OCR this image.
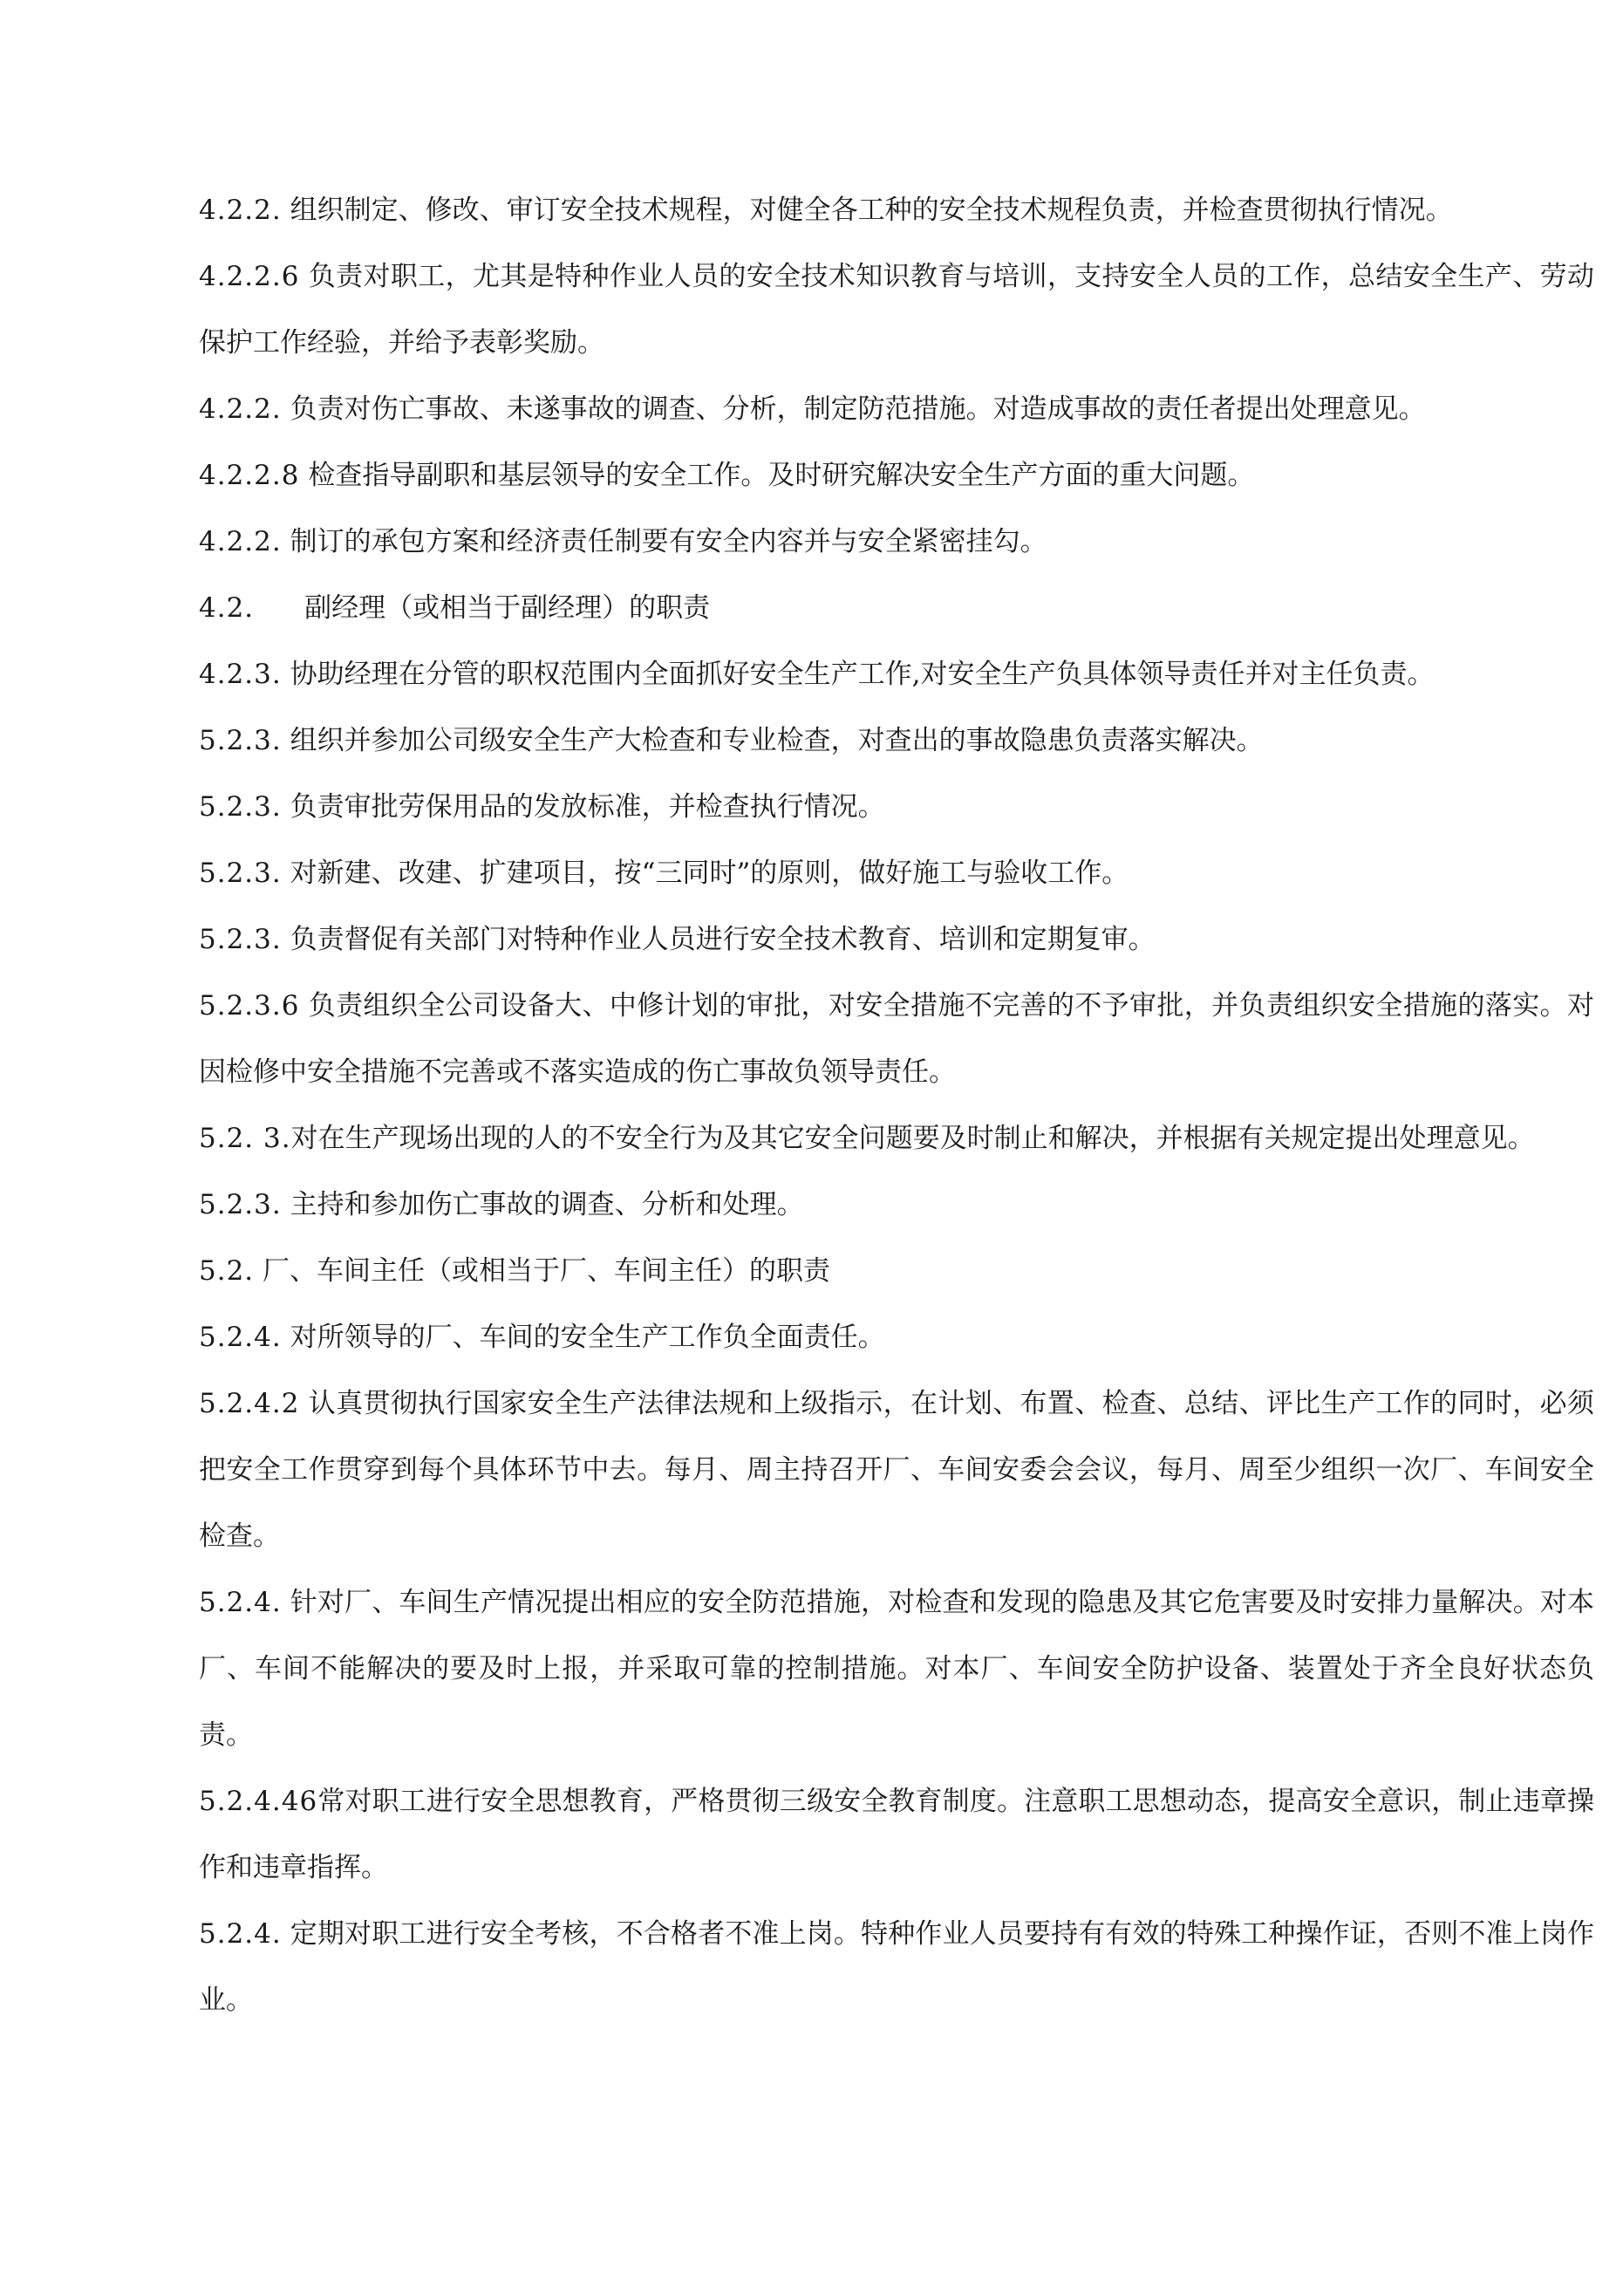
4.2.2. 组织制定、修改、审订安全技术规程，对健全各工种的安全技术规程负责，并检查贯彻执行情况。

4.2.2.6 负责对职工，尤其是特种作业人员的安全技术知识教育与培训，支持安全人员的工作，总结安全生产、劳动保护工作经验，并给予表彰奖励。

4.2.2. 负责对伤亡事故、未遂事故的调查、分析，制定防范措施。对造成事故的责任者提出处理意见。

4.2.2.8 检查指导副职和基层领导的安全工作。及时研究解决安全生产方面的重大问题。

4.2.2. 制订的承包方案和经济责任制要有安全内容并与安全紧密挂勾。

4.2. 副经理（或相当于副经理）的职责

4.2.3. 协助经理在分管的职权范围内全面抓好安全生产工作,对安全生产负具体领导责任并对主任负责。

5.2.3. 组织并参加公司级安全生产大检查和专业检查，对查出的事故隐患负责落实解决。

5.2.3. 负责审批劳保用品的发放标准，并检查执行情况。

5.2.3. 对新建、改建、扩建项目，按“三同时”的原则，做好施工与验收工作。

5.2.3. 负责督促有关部门对特种作业人员进行安全技术教育、培训和定期复审。

5.2.3.6 负责组织全公司设备大、中修计划的审批，对安全措施不完善的不予审批，并负责组织安全措施的落实。对因检修中安全措施不完善或不落实造成的伤亡事故负领导责任。

5.2. 3.对在生产现场出现的人的不安全行为及其它安全问题要及时制止和解决，并根据有关规定提出处理意见。

5.2.3. 主持和参加伤亡事故的调查、分析和处理。

5.2. 厂、车间主任（或相当于厂、车间主任）的职责

5.2.4. 对所领导的厂、车间的安全生产工作负全面责任。

5.2.4.2 认真贯彻执行国家安全生产法律法规和上级指示，在计划、布置、检查、总结、评比生产工作的同时，必须把安全工作贯穿到每个具体环节中去。每月、周主持召开厂、车间安委会会议，每月、周至少组织一次厂、车间安全检查。

5.2.4. 针对厂、车间生产情况提出相应的安全防范措施，对检查和发现的隐患及其它危害要及时安排力量解决。对本厂、车间不能解决的要及时上报，并采取可靠的控制措施。对本厂、车间安全防护设备、装置处于齐全良好状态负责。

5.2.4.46常对职工进行安全思想教育，严格贯彻三级安全教育制度。注意职工思想动态，提高安全意识，制止违章操作和违章指挥。

5.2.4. 定期对职工进行安全考核，不合格者不准上岗。特种作业人员要持有有效的特殊工种操作证，否则不准上岗作业。
